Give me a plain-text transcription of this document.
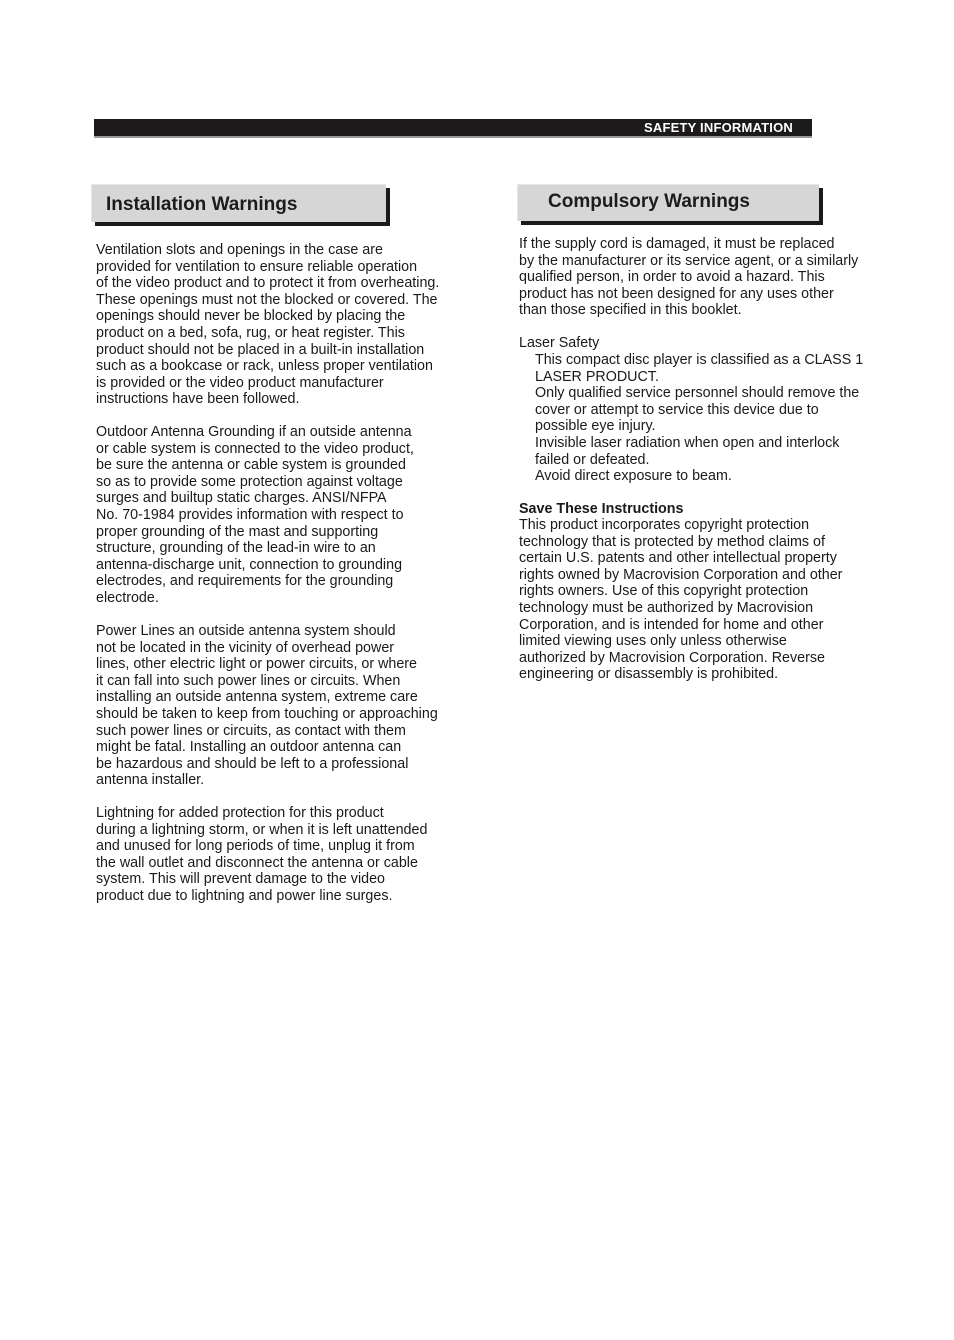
SAFETY INFORMATION
Installation Warnings	Compulsory Warnings
Ventilation slots and openings in the case are
provided for ventilation to ensure reliable operation
of the video product and to protect it from overheating.
These openings must not the blocked or covered. The
openings should never be blocked by placing the
product on a bed, sofa, rug, or heat register. This
product should not be placed in a built-in installation
such as a bookcase or rack, unless proper ventilation
is provided or the video product manufacturer
instructions have been followed.
Outdoor Antenna Grounding if an outside antenna
or cable system is connected to the video product,
be sure the antenna or cable system is grounded
so as to provide some protection against voltage
surges and builtup static charges. ANSI/NFPA
No. 70-1984 provides information with respect to
proper grounding of the mast and supporting
structure, grounding of the lead-in wire to an
antenna-discharge unit, connection to grounding
electrodes, and requirements for the grounding
electrode.
Power Lines an outside antenna system should
not be located in the vicinity of overhead power
lines, other electric light or power circuits, or where
it can fall into such power lines or circuits. When
installing an outside antenna system, extreme care
should be taken to keep from touching or approaching
such power lines or circuits, as contact with them
might be fatal. Installing an outdoor antenna can
be hazardous and should be left to a professional
antenna installer.
Lightning for added protection for this product
during a lightning storm, or when it is left unattended
and unused for long periods of time, unplug it from
the wall outlet and disconnect the antenna or cable
system. This will prevent damage to the video
product due to lightning and power line surges.
If the supply cord is damaged, it must be replaced
by the manufacturer or its service agent, or a similarly
qualified person, in order to avoid a hazard. This
product has not been designed for any uses other
than those specified in this booklet.
Laser Safety
This compact disc player is classified as a CLASS 1
LASER PRODUCT.
Only qualified service personnel should remove the
cover or attempt to service this device due to
possible eye injury.
Invisible laser radiation when open and interlock
failed or defeated.
Avoid direct exposure to beam.
Save These Instructions
This product incorporates copyright protection
technology that is protected by method claims of
certain U.S. patents and other intellectual property
rights owned by Macrovision Corporation and other
rights owners. Use of this copyright protection
technology must be authorized by Macrovision
Corporation, and is intended for home and other
limited viewing uses only unless otherwise
authorized by Macrovision Corporation. Reverse
engineering or disassembly is prohibited.
